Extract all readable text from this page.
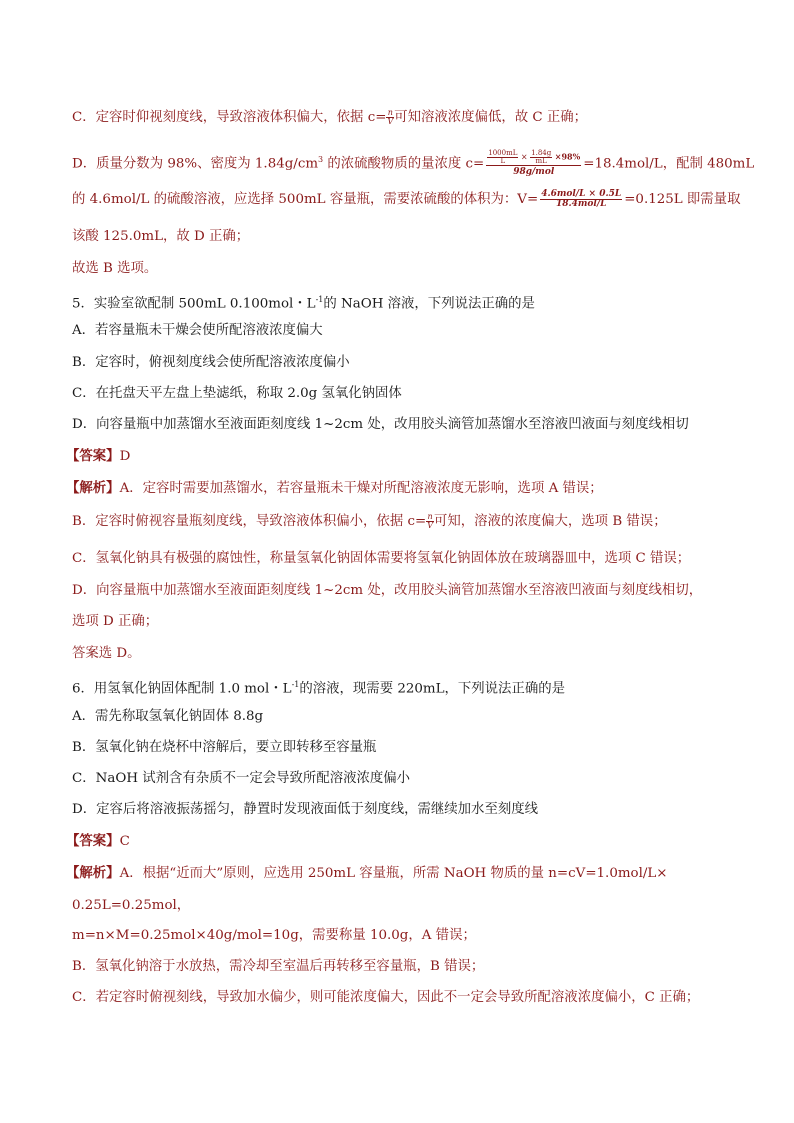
C．定容时仰视刻度线，导致溶液体积偏大，依据 $c= \frac{n}{V}$ 可知溶液浓度偏低，故 C 正确；
D．质量分数为 98%、密度为 $1.84g/cm^3$ 的浓硫酸物质的量浓度 $c= \frac{\frac{1000mL}{L} \times \frac{1.84g}{mL} \times 98\%}{\text{98g/mol}} =18.4mol/L$，配制 480mL
的 4.6mol/L 的硫酸溶液，应选择 500mL 容量瓶，需要浓硫酸的体积为：$V= \frac{\text{4.6mol/L × 0.5L}}{\text{18.4mol/L}} =0.125L$ 即需量取
该酸 125.0mL，故 D 正确；
故选 B 选项。
5．实验室欲配制 500mL 0.100mol・$L^{-1}$的 NaOH 溶液，下列说法正确的是
A．若容量瓶未干燥会使所配溶液浓度偏大
B．定容时，俯视刻度线会使所配溶液浓度偏小
C．在托盘天平左盘上垫滤纸，称取 2.0g 氢氧化钠固体
D．向容量瓶中加蒸馏水至液面距刻度线 1~2cm 处，改用胶头滴管加蒸馏水至溶液凹液面与刻度线相切
【答案】D
【解析】A．定容时需要加蒸馏水，若容量瓶未干燥对所配溶液浓度无影响，选项 A 错误；
B．定容时俯视容量瓶刻度线，导致溶液体积偏小，依据 $c= \frac{n}{V}$ 可知，溶液的浓度偏大，选项 B 错误；
C．氢氧化钠具有极强的腐蚀性，称量氢氧化钠固体需要将氢氧化钠固体放在玻璃器皿中，选项 C 错误；
D．向容量瓶中加蒸馏水至液面距刻度线 1~2cm 处，改用胶头滴管加蒸馏水至溶液凹液面与刻度线相切，
选项 D 正确；
答案选 D。
6．用氢氧化钠固体配制 1.0 mol・$L^{-1}$的溶液，现需要 220mL，下列说法正确的是
A．需先称取氢氧化钠固体 8.8g
B．氢氧化钠在烧杯中溶解后，要立即转移至容量瓶
C．NaOH 试剂含有杂质不一定会导致所配溶液浓度偏小
D．定容后将溶液振荡摇匀，静置时发现液面低于刻度线，需继续加水至刻度线
【答案】C
【解析】A．根据“近而大”原则，应选用 250mL 容量瓶，所需 NaOH 物质的量 n=cV=1.0mol/L×
0.25L=0.25mol，
m=n×M=0.25mol×40g/mol=10g，需要称量 10.0g，A 错误；
B．氢氧化钠溶于水放热，需冷却至室温后再转移至容量瓶，B 错误；
C．若定容时俯视刻线，导致加水偏少，则可能浓度偏大，因此不一定会导致所配溶液浓度偏小，C 正确；
